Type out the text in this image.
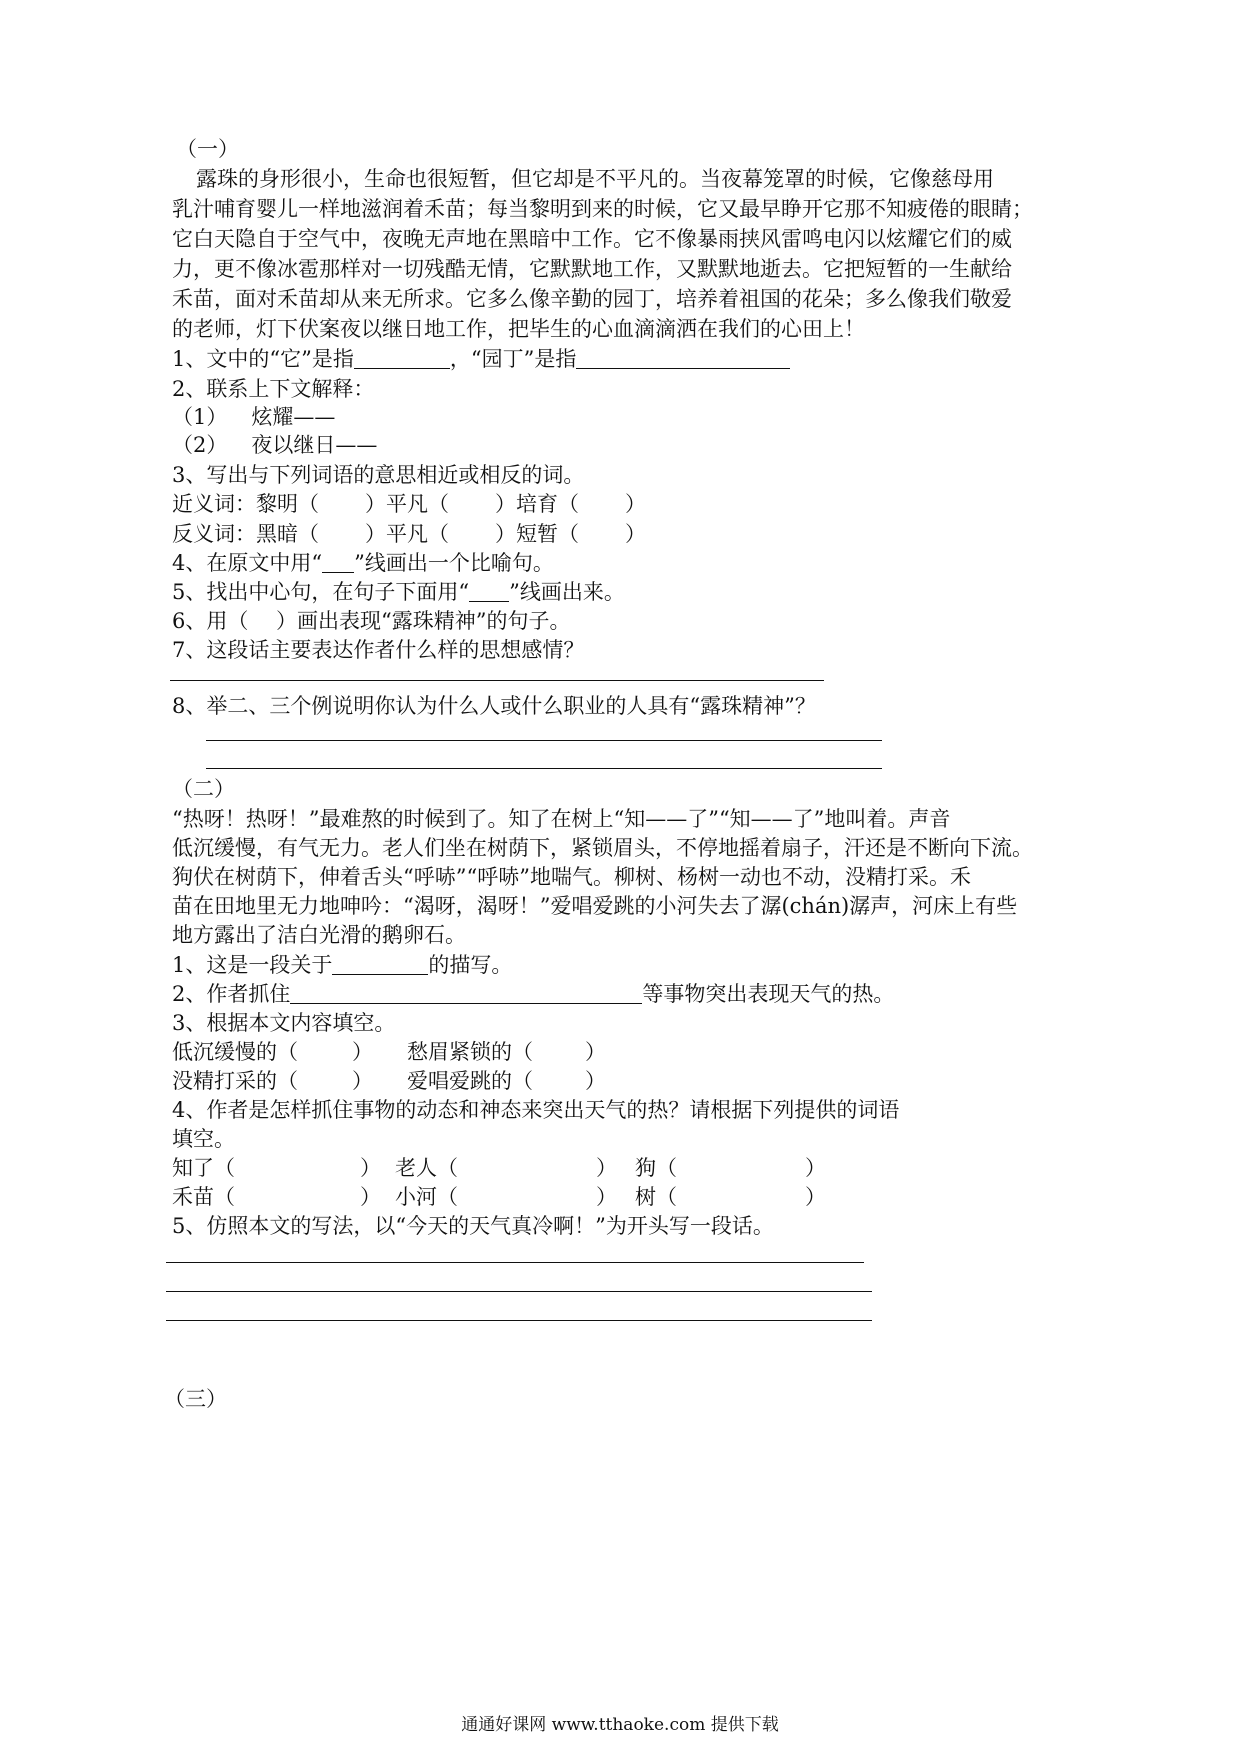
（一）
露珠的身形很小，生命也很短暂，但它却是不平凡的。当夜幕笼罩的时候，它像慈母用
乳汁哺育婴儿一样地滋润着禾苗；每当黎明到来的时候，它又最早睁开它那不知疲倦的眼睛；
它白天隐自于空气中，夜晚无声地在黑暗中工作。它不像暴雨挟风雷鸣电闪以炫耀它们的威
力，更不像冰雹那样对一切残酷无情，它默默地工作，又默默地逝去。它把短暂的一生献给
禾苗，面对禾苗却从来无所求。它多么像辛勤的园丁，培养着祖国的花朵；多么像我们敬爱
的老师，灯下伏案夜以继日地工作，把毕生的心血滴滴洒在我们的心田上！
1、文中的“它”是指	，“园丁”是指
2、联系上下文解释：
（1） 炫耀——
（2） 夜以继日——
3、写出与下列词语的意思相近或相反的词。
近义词：黎明（ ）平凡（ ）培育（ ）
反义词：黑暗（ ）平凡（ ）短暂（ ）
4、在原文中用“ ”线画出一个比喻句。
5、找出中心句，在句子下面用“ ”线画出来。
6、用（　 ）画出表现“露珠精神”的句子。
7、这段话主要表达作者什么样的思想感情？
8、举二、三个例说明你认为什么人或什么职业的人具有“露珠精神”？
（二）
“热呀！热呀！”最难熬的时候到了。知了在树上“知——了”“知——了”地叫着。声音
低沉缓慢，有气无力。老人们坐在树荫下，紧锁眉头，不停地摇着扇子，汗还是不断向下流。
狗伏在树荫下，伸着舌头“呼哧”“呼哧”地喘气。柳树、杨树一动也不动，没精打采。禾
苗在田地里无力地呻吟：“渴呀，渴呀！”爱唱爱跳的小河失去了潺(chán)潺声，河床上有些
地方露出了洁白光滑的鹅卵石。
1、这是一段关于	的描写。
2、作者抓住	等事物突出表现天气的热。
3、根据本文内容填空。
低沉缓慢的（	） 愁眉紧锁的（ ）
没精打采的（	） 爱唱爱跳的（ ）
4、作者是怎样抓住事物的动态和神态来突出天气的热？请根据下列提供的词语
填空。
知了（	） 老人（	） 狗（	）
禾苗（	） 小河（	） 树（	）
5、仿照本文的写法，以“今天的天气真冷啊！”为开头写一段话。
（三）
通通好课网 www.tthaoke.com 提供下载
